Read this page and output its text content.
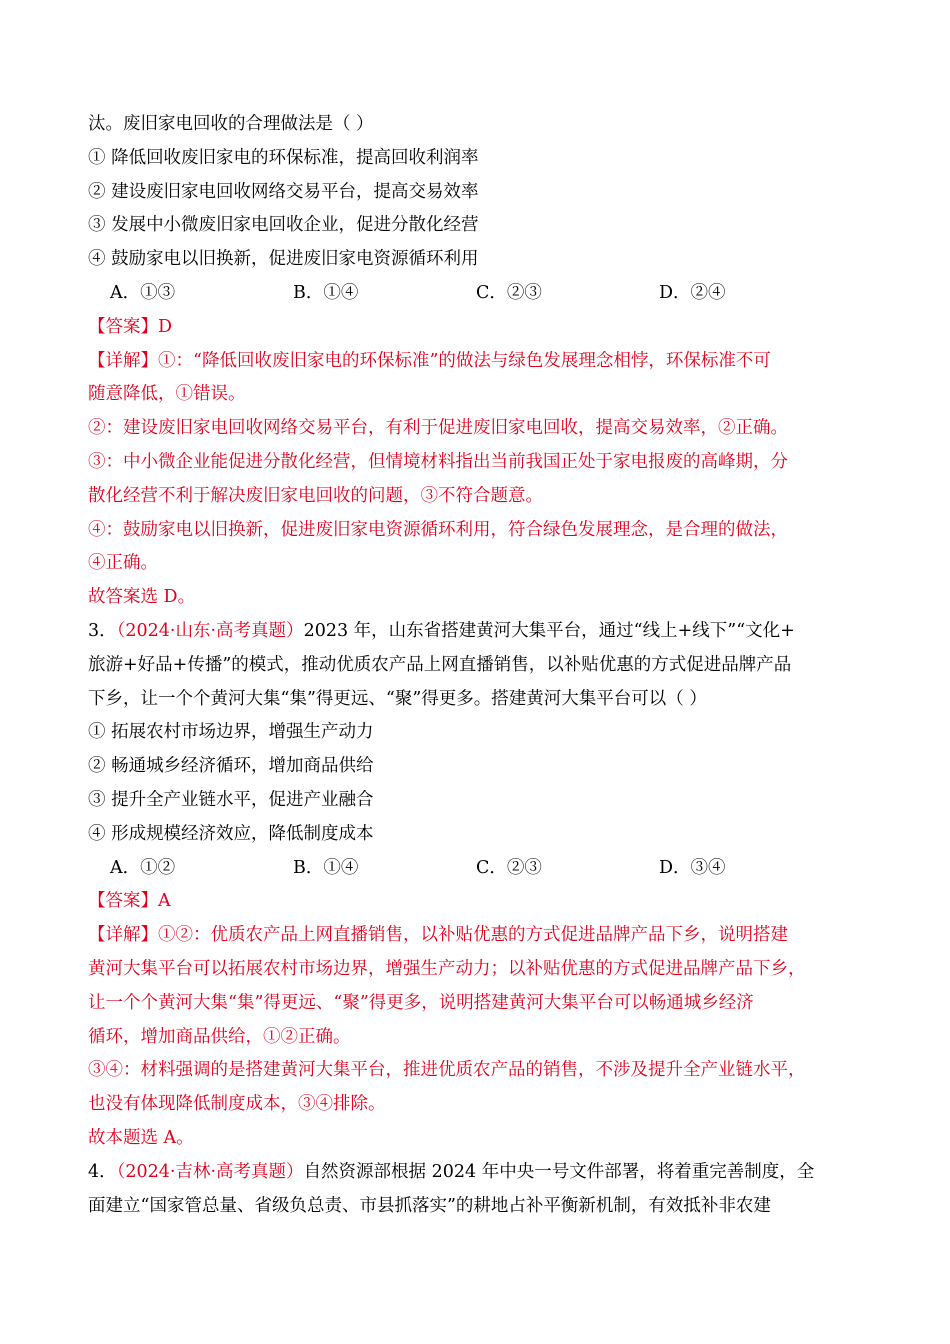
汰。废旧家电回收的合理做法是（ ）
① 降低回收废旧家电的环保标准，提高回收利润率
② 建设废旧家电回收网络交易平台，提高交易效率
③ 发展中小微废旧家电回收企业，促进分散化经营
④ 鼓励家电以旧换新，促进废旧家电资源循环利用
A．①③	B．①④	C．②③	D．②④
【答案】D
【详解】①：“降低回收废旧家电的环保标准”的做法与绿色发展理念相悖，环保标准不可
随意降低，①错误。
②：建设废旧家电回收网络交易平台，有利于促进废旧家电回收，提高交易效率，②正确。
③：中小微企业能促进分散化经营，但情境材料指出当前我国正处于家电报废的高峰期，分
散化经营不利于解决废旧家电回收的问题，③不符合题意。
④：鼓励家电以旧换新，促进废旧家电资源循环利用，符合绿色发展理念，是合理的做法，
④正确。
故答案选 D。
3．（2024·山东·高考真题）2023 年，山东省搭建黄河大集平台，通过“线上+线下”“文化+
旅游+好品+传播”的模式，推动优质农产品上网直播销售，以补贴优惠的方式促进品牌产品
下乡，让一个个黄河大集“集”得更远、“聚”得更多。搭建黄河大集平台可以（ ）
① 拓展农村市场边界，增强生产动力
② 畅通城乡经济循环，增加商品供给
③ 提升全产业链水平，促进产业融合
④ 形成规模经济效应，降低制度成本
A．①②	B．①④	C．②③	D．③④
【答案】A
【详解】①②：优质农产品上网直播销售，以补贴优惠的方式促进品牌产品下乡，说明搭建
黄河大集平台可以拓展农村市场边界，增强生产动力；以补贴优惠的方式促进品牌产品下乡，
让一个个黄河大集“集”得更远、“聚”得更多，说明搭建黄河大集平台可以畅通城乡经济
循环，增加商品供给，①②正确。
③④：材料强调的是搭建黄河大集平台，推进优质农产品的销售，不涉及提升全产业链水平，
也没有体现降低制度成本，③④排除。
故本题选 A。
4．（2024·吉林·高考真题）自然资源部根据 2024 年中央一号文件部署，将着重完善制度，全
面建立“国家管总量、省级负总责、市县抓落实”的耕地占补平衡新机制，有效抵补非农建
